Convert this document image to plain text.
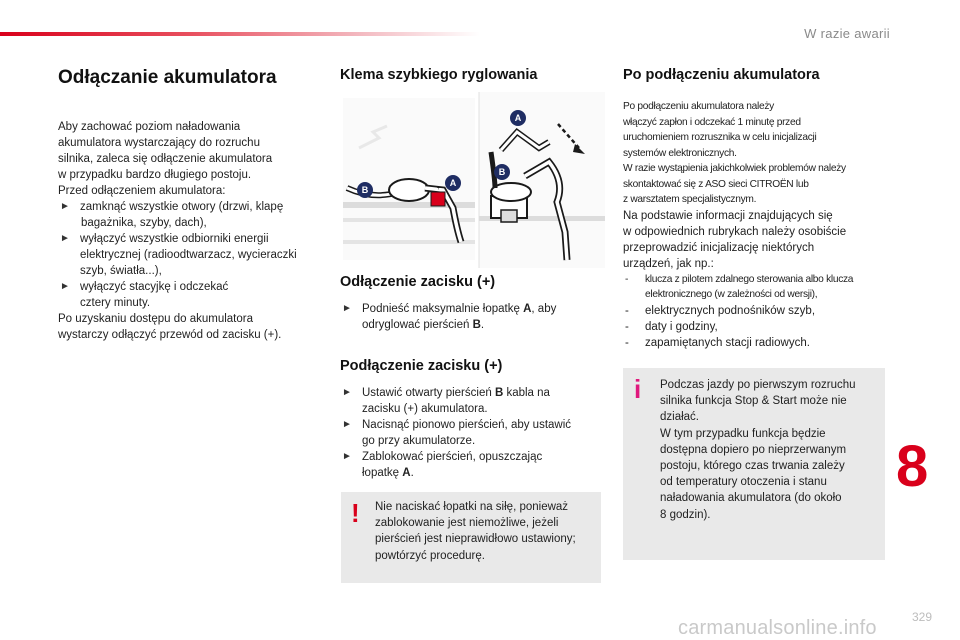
W razie awarii
Odłączanie akumulatora
Aby zachować poziom naładowania
akumulatora wystarczający do rozruchu
silnika, zaleca się odłączenie akumulatora
w przypadku bardzo długiego postoju.
Przed odłączeniem akumulatora:
► zamknąć wszystkie otwory (drzwi, klapę
bagażnika, szyby, dach),
► wyłączyć wszystkie odbiorniki energii
elektrycznej (radioodtwarzacz, wycieraczki
szyb, światła...),
► wyłączyć stacyjkę i odczekać
cztery minuty.
Po uzyskaniu dostępu do akumulatora
wystarczy odłączyć przewód od zacisku (+).
Klema szybkiego ryglowania
Odłączenie zacisku (+)
► Podnieść maksymalnie łopatkę A, aby
odryglować pierścień B.
Podłączenie zacisku (+)
► Ustawić otwarty pierścień B kabla na
zacisku (+) akumulatora.
► Nacisnąć pionowo pierścień, aby ustawić
go przy akumulatorze.
► Zablokować pierścień, opuszczając
łopatkę A.
+
B
A
A
B
! Nie naciskać łopatki na siłę, ponieważ
zablokowanie jest niemożliwe, jeżeli
pierścień jest nieprawidłowo ustawiony;
powtórzyć procedurę.
Po podłączeniu akumulatora
Po podłączeniu akumulatora należy
włączyć zapłon i odczekać 1 minutę przed
uruchomieniem rozrusznika w celu inicjalizacji
systemów elektronicznych.
W razie wystąpienia jakichkolwiek problemów należy
skontaktować się z ASO sieci CITROËN lub
z warsztatem specjalistycznym.
Na podstawie informacji znajdujących się
w odpowiednich rubrykach należy osobiście
przeprowadzić inicjalizację niektórych
urządzeń, jak np.:
- klucza z pilotem zdalnego sterowania albo klucza
elektronicznego (w zależności od wersji),
- elektrycznych podnośników szyb,
- daty i godziny,
- zapamiętanych stacji radiowych.
i Podczas jazdy po pierwszym rozruchu
silnika funkcja Stop & Start może nie
działać.
W tym przypadku funkcja będzie
dostępna dopiero po nieprzerwanym
postoju, którego czas trwania zależy
od temperatury otoczenia i stanu
naładowania akumulatora (do około
8 godzin).
8
329
carmanualsonline.info
